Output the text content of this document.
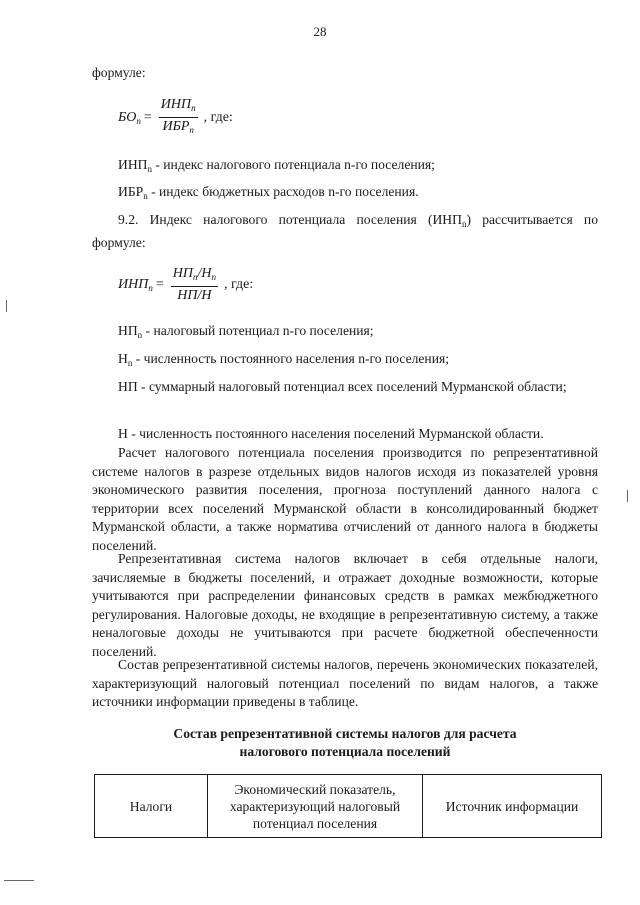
28

формуле:

$БО_n = \frac{ИНП_n}{ИБР_n}$ , где:

$ИНП_n$ - индекс налогового потенциала n-го поселения;

$ИБР_n$ - индекс бюджетных расходов n-го поселения.

9.2. Индекс налогового потенциала поселения $(ИНП_n)$ рассчитывается по формуле:

$ИНП_n = \frac{НП_n/Н_n}{НП/Н}$ , где:

$НП_n$ - налоговый потенциал n-го поселения;

$Н_n$ - численность постоянного населения n-го поселения;

НП - суммарный налоговый потенциал всех поселений Мурманской области;

Н - численность постоянного населения поселений Мурманской области.

Расчет налогового потенциала поселения производится по репрезентативной системе налогов в разрезе отдельных видов налогов исходя из показателей уровня экономического развития поселения, прогноза поступлений данного налога с территории всех поселений Мурманской области в консолидированный бюджет Мурманской области, а также норматива отчислений от данного налога в бюджеты поселений.

Репрезентативная система налогов включает в себя отдельные налоги, зачисляемые в бюджеты поселений, и отражает доходные возможности, которые учитываются при распределении финансовых средств в рамках межбюджетного регулирования. Налоговые доходы, не входящие в репрезентативную систему, а также неналоговые доходы не учитываются при расчете бюджетной обеспеченности поселений.

Состав репрезентативной системы налогов, перечень экономических показателей, характеризующий налоговый потенциал поселений по видам налогов, а также источники информации приведены в таблице.

Состав репрезентативной системы налогов для расчета
налогового потенциала поселений
Налоги	Экономический показатель, характеризующий налоговый потенциал поселения	Источник информации
